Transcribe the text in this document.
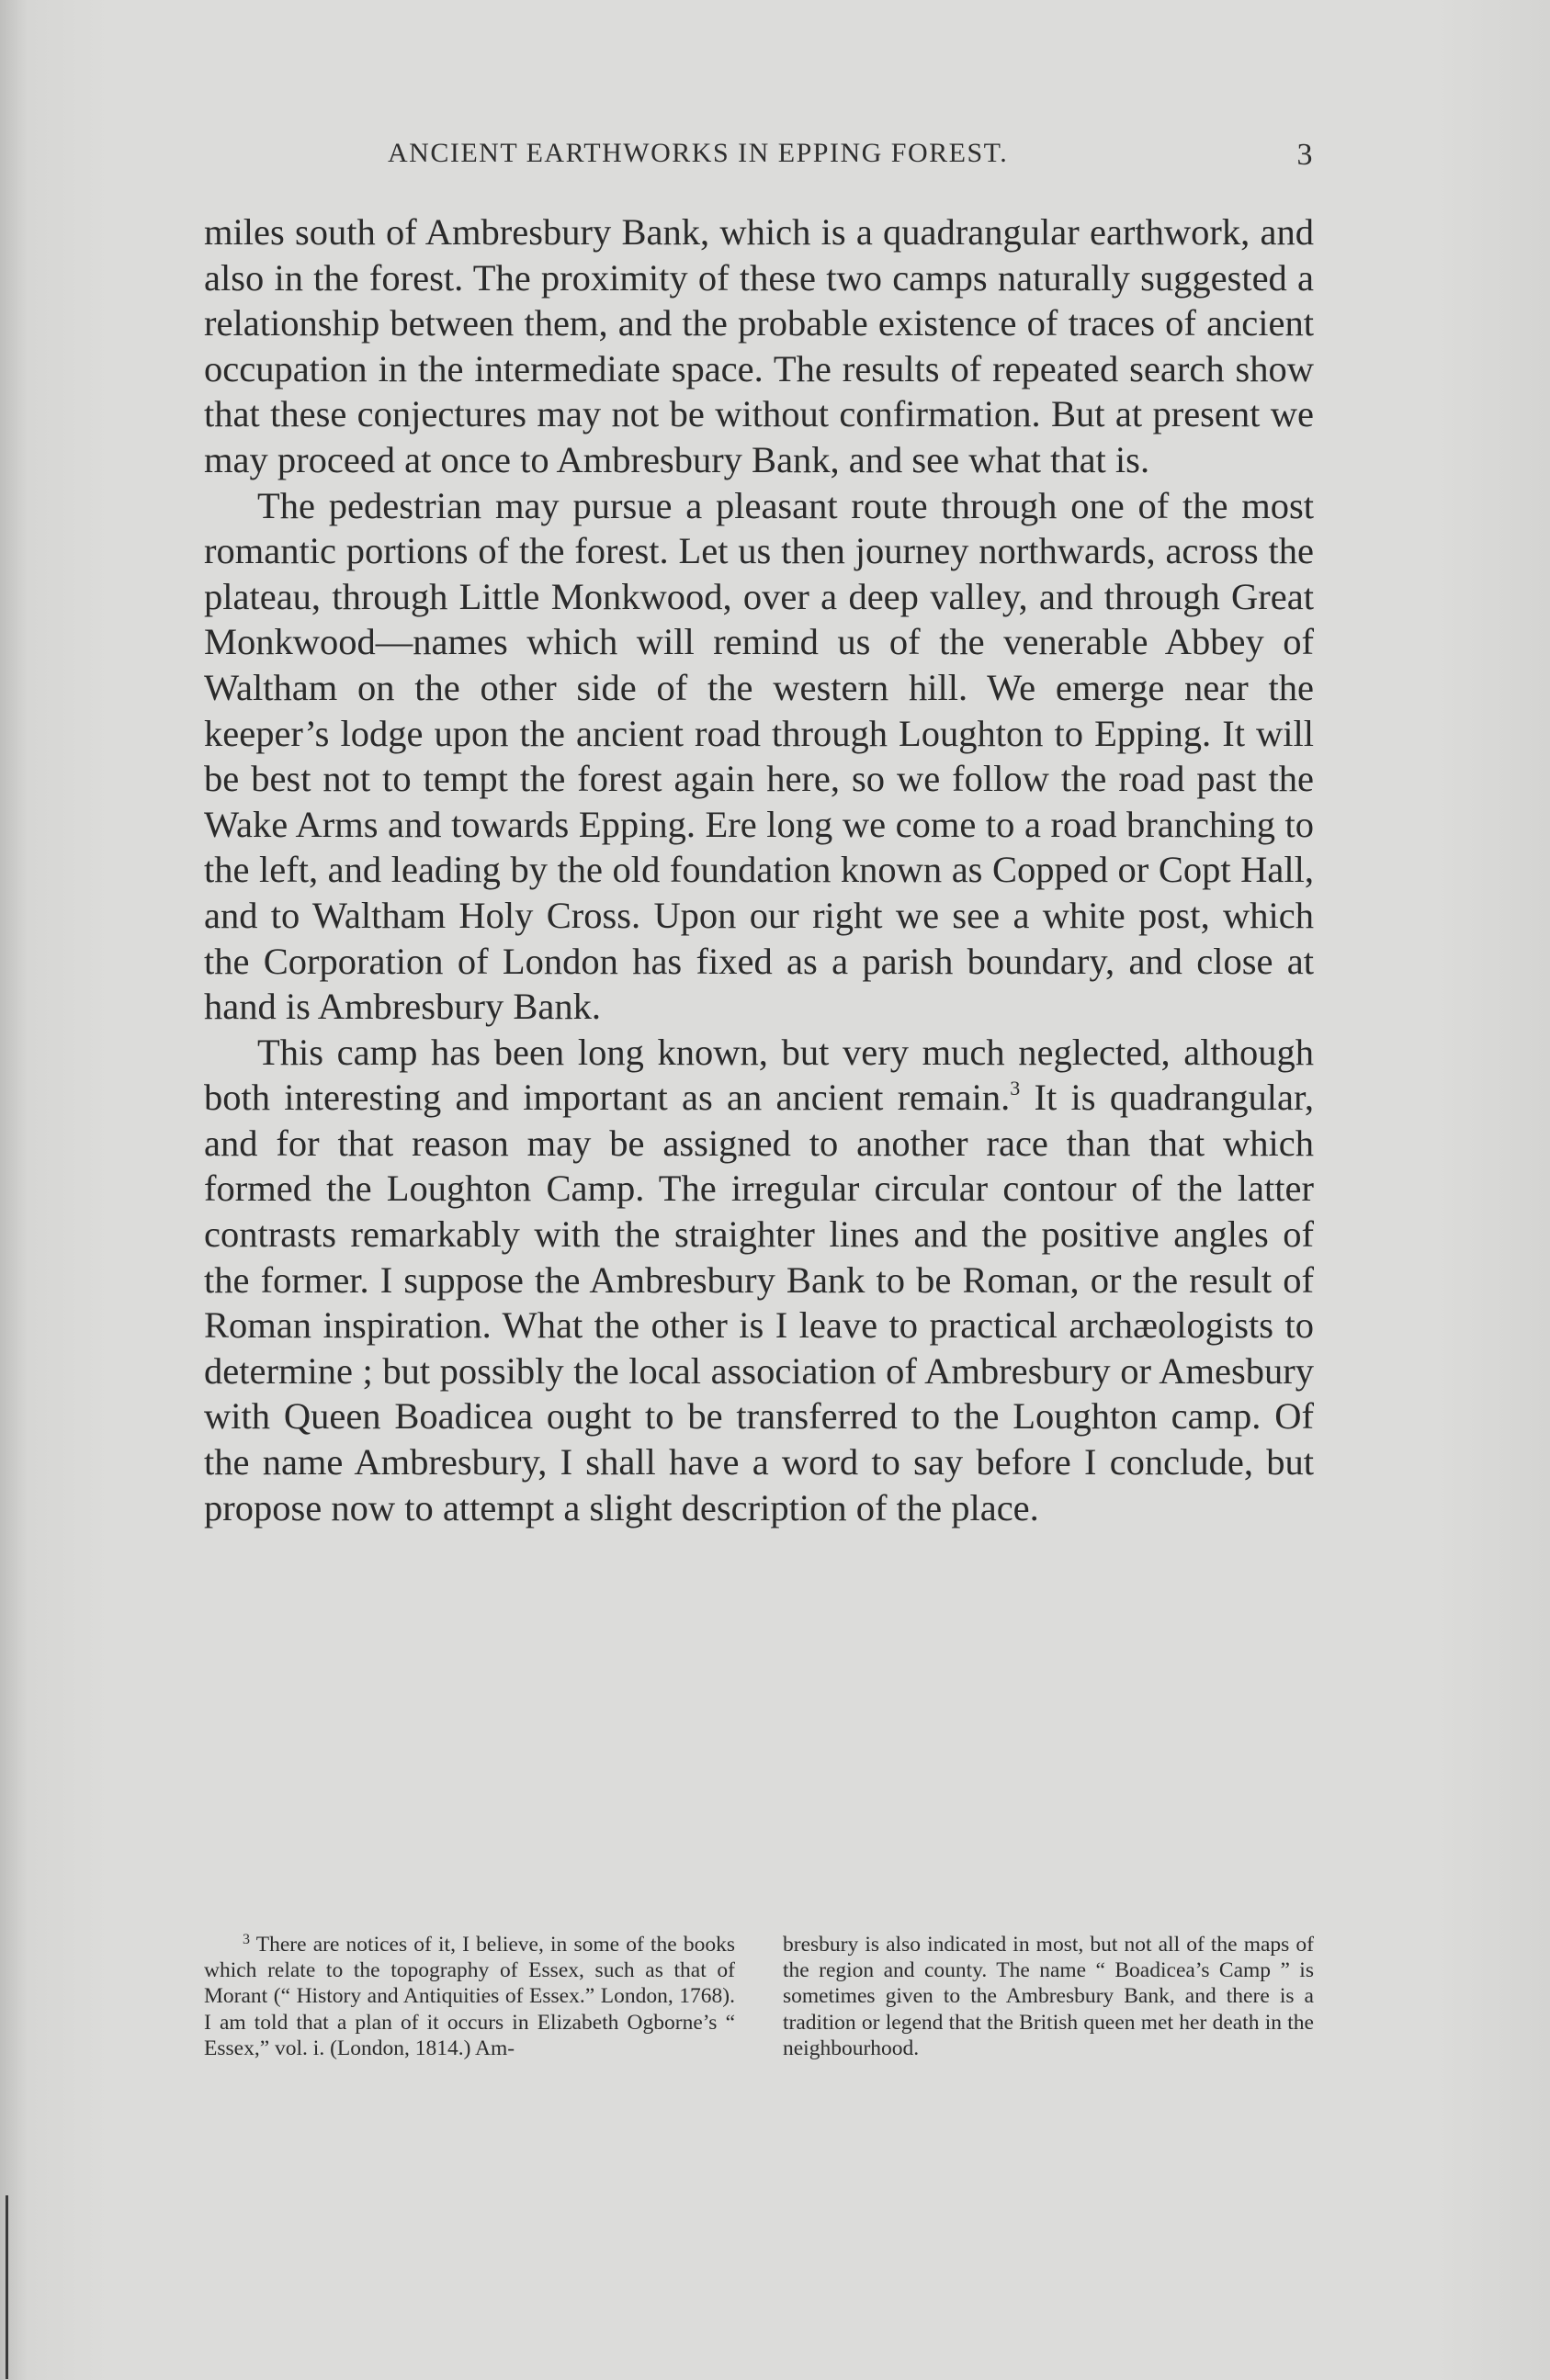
ANCIENT EARTHWORKS IN EPPING FOREST.	3

miles south of Ambresbury Bank, which is a quadrangular earthwork, and also in the forest. The proximity of these two camps naturally suggested a relationship between them, and the probable existence of traces of ancient occupation in the intermediate space. The results of repeated search show that these conjectures may not be without confirmation. But at present we may proceed at once to Ambresbury Bank, and see what that is.

The pedestrian may pursue a pleasant route through one of the most romantic portions of the forest. Let us then journey northwards, across the plateau, through Little Monkwood, over a deep valley, and through Great Monkwood—names which will remind us of the venerable Abbey of Waltham on the other side of the western hill. We emerge near the keeper’s lodge upon the ancient road through Loughton to Epping. It will be best not to tempt the forest again here, so we follow the road past the Wake Arms and towards Epping. Ere long we come to a road branching to the left, and leading by the old foundation known as Copped or Copt Hall, and to Waltham Holy Cross. Upon our right we see a white post, which the Corporation of London has fixed as a parish boundary, and close at hand is Ambresbury Bank.

This camp has been long known, but very much neglected, although both interesting and important as an ancient remain.$^3$ It is quadrangular, and for that reason may be assigned to another race than that which formed the Loughton Camp. The irregular circular contour of the latter contrasts remarkably with the straighter lines and the positive angles of the former. I suppose the Ambresbury Bank to be Roman, or the result of Roman inspiration. What the other is I leave to practical archæologists to determine ; but possibly the local association of Ambresbury or Amesbury with Queen Boadicea ought to be transferred to the Loughton camp. Of the name Ambresbury, I shall have a word to say before I conclude, but propose now to attempt a slight description of the place.

$^3$ There are notices of it, I believe, in some of the books which relate to the topography of Essex, such as that of Morant (“ History and Antiquities of Essex.” London, 1768). I am told that a plan of it occurs in Elizabeth Ogborne’s “ Essex,” vol. i. (London, 1814.) Am-
bresbury is also indicated in most, but not all of the maps of the region and county. The name “ Boadicea’s Camp ” is sometimes given to the Ambresbury Bank, and there is a tradition or legend that the British queen met her death in the neighbourhood.
